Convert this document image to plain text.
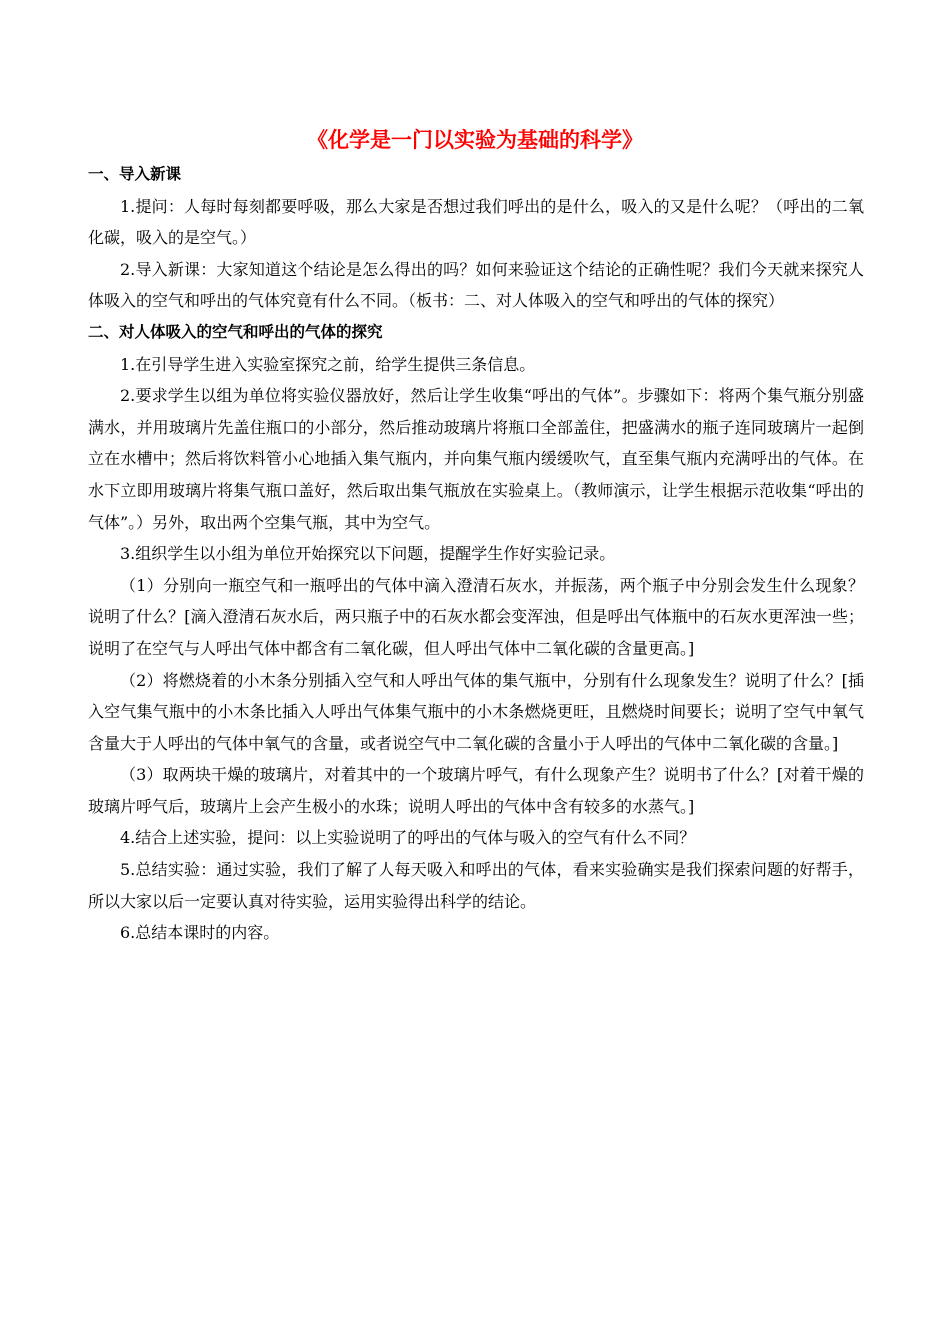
《化学是一门以实验为基础的科学》

一、导入新课

1.提问：人每时每刻都要呼吸，那么大家是否想过我们呼出的是什么，吸入的又是什么呢？（呼出的二氧化碳，吸入的是空气。）

2.导入新课：大家知道这个结论是怎么得出的吗？如何来验证这个结论的正确性呢？我们今天就来探究人体吸入的空气和呼出的气体究竟有什么不同。（板书：二、对人体吸入的空气和呼出的气体的探究）

二、对人体吸入的空气和呼出的气体的探究

1.在引导学生进入实验室探究之前，给学生提供三条信息。

2.要求学生以组为单位将实验仪器放好，然后让学生收集“呼出的气体”。步骤如下：将两个集气瓶分别盛满水，并用玻璃片先盖住瓶口的小部分，然后推动玻璃片将瓶口全部盖住，把盛满水的瓶子连同玻璃片一起倒立在水槽中；然后将饮料管小心地插入集气瓶内，并向集气瓶内缓缓吹气，直至集气瓶内充满呼出的气体。在水下立即用玻璃片将集气瓶口盖好，然后取出集气瓶放在实验桌上。（教师演示，让学生根据示范收集“呼出的气体”。）另外，取出两个空集气瓶，其中为空气。

3.组织学生以小组为单位开始探究以下问题，提醒学生作好实验记录。

（1）分别向一瓶空气和一瓶呼出的气体中滴入澄清石灰水，并振荡，两个瓶子中分别会发生什么现象？说明了什么？[滴入澄清石灰水后，两只瓶子中的石灰水都会变浑浊，但是呼出气体瓶中的石灰水更浑浊一些；说明了在空气与人呼出气体中都含有二氧化碳，但人呼出气体中二氧化碳的含量更高。]

（2）将燃烧着的小木条分别插入空气和人呼出气体的集气瓶中，分别有什么现象发生？说明了什么？[插入空气集气瓶中的小木条比插入人呼出气体集气瓶中的小木条燃烧更旺，且燃烧时间要长；说明了空气中氧气含量大于人呼出的气体中氧气的含量，或者说空气中二氧化碳的含量小于人呼出的气体中二氧化碳的含量。]

（3）取两块干燥的玻璃片，对着其中的一个玻璃片呼气，有什么现象产生？说明书了什么？[对着干燥的玻璃片呼气后，玻璃片上会产生极小的水珠；说明人呼出的气体中含有较多的水蒸气。]

4.结合上述实验，提问：以上实验说明了的呼出的气体与吸入的空气有什么不同？

5.总结实验：通过实验，我们了解了人每天吸入和呼出的气体，看来实验确实是我们探索问题的好帮手，所以大家以后一定要认真对待实验，运用实验得出科学的结论。

6.总结本课时的内容。
